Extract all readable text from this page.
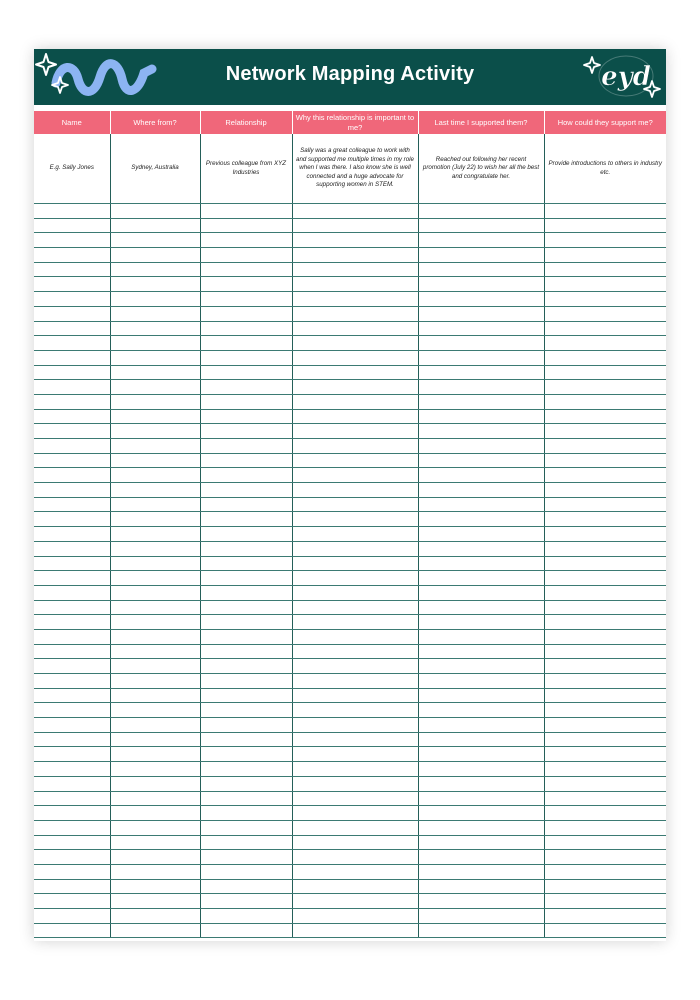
Network Mapping Activity	eyd
Name	Where from?	Relationship	Why this relationship is important to me?	Last time I supported them?	How could they support me?
E.g. Sally Jones	Sydney, Australia	Previous colleague from XYZ Industries	Sally was a great colleague to work with and supported me multiple times in my role when I was there. I also know she is well connected and a huge advocate for supporting women in STEM.	Reached out following her recent promotion (July 22) to wish her all the best and congratulate her.	Provide introductions to others in industry etc.
